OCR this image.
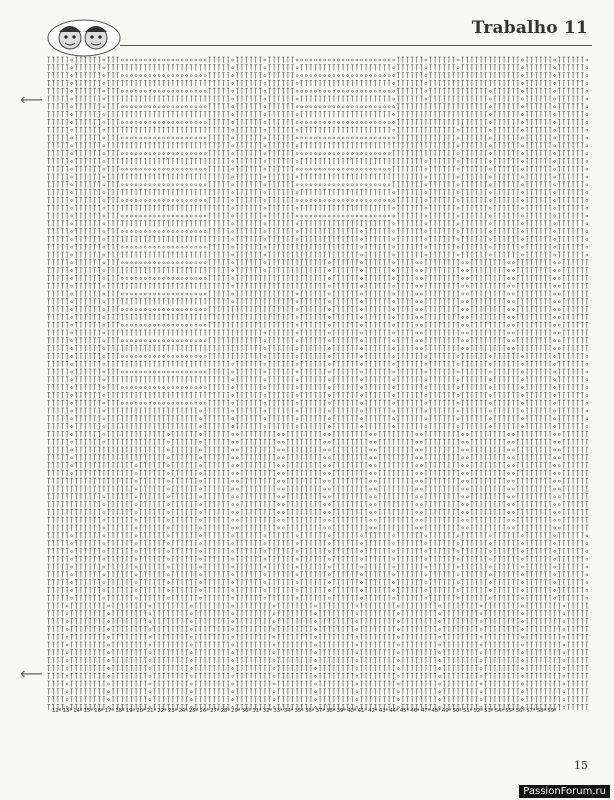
Trabalho 11
⟵
⟵
12ª 13ª 14ª 15ª 16ª 17ª 18ª 19ª 20ª 21ª 22ª 23ª 24ª 25ª 26ª 27ª 28ª 29ª 30ª 31ª 32ª 33ª 34ª 35ª 36ª 37ª 38ª 39ª 40ª 41ª 42ª 43ª 44ª 45ª 46ª 47ª 48ª 49ª 50ª 51ª 52ª 53ª 54ª 55ª 56ª 57ª 58ª 59ª
15
PassionForum.ru
